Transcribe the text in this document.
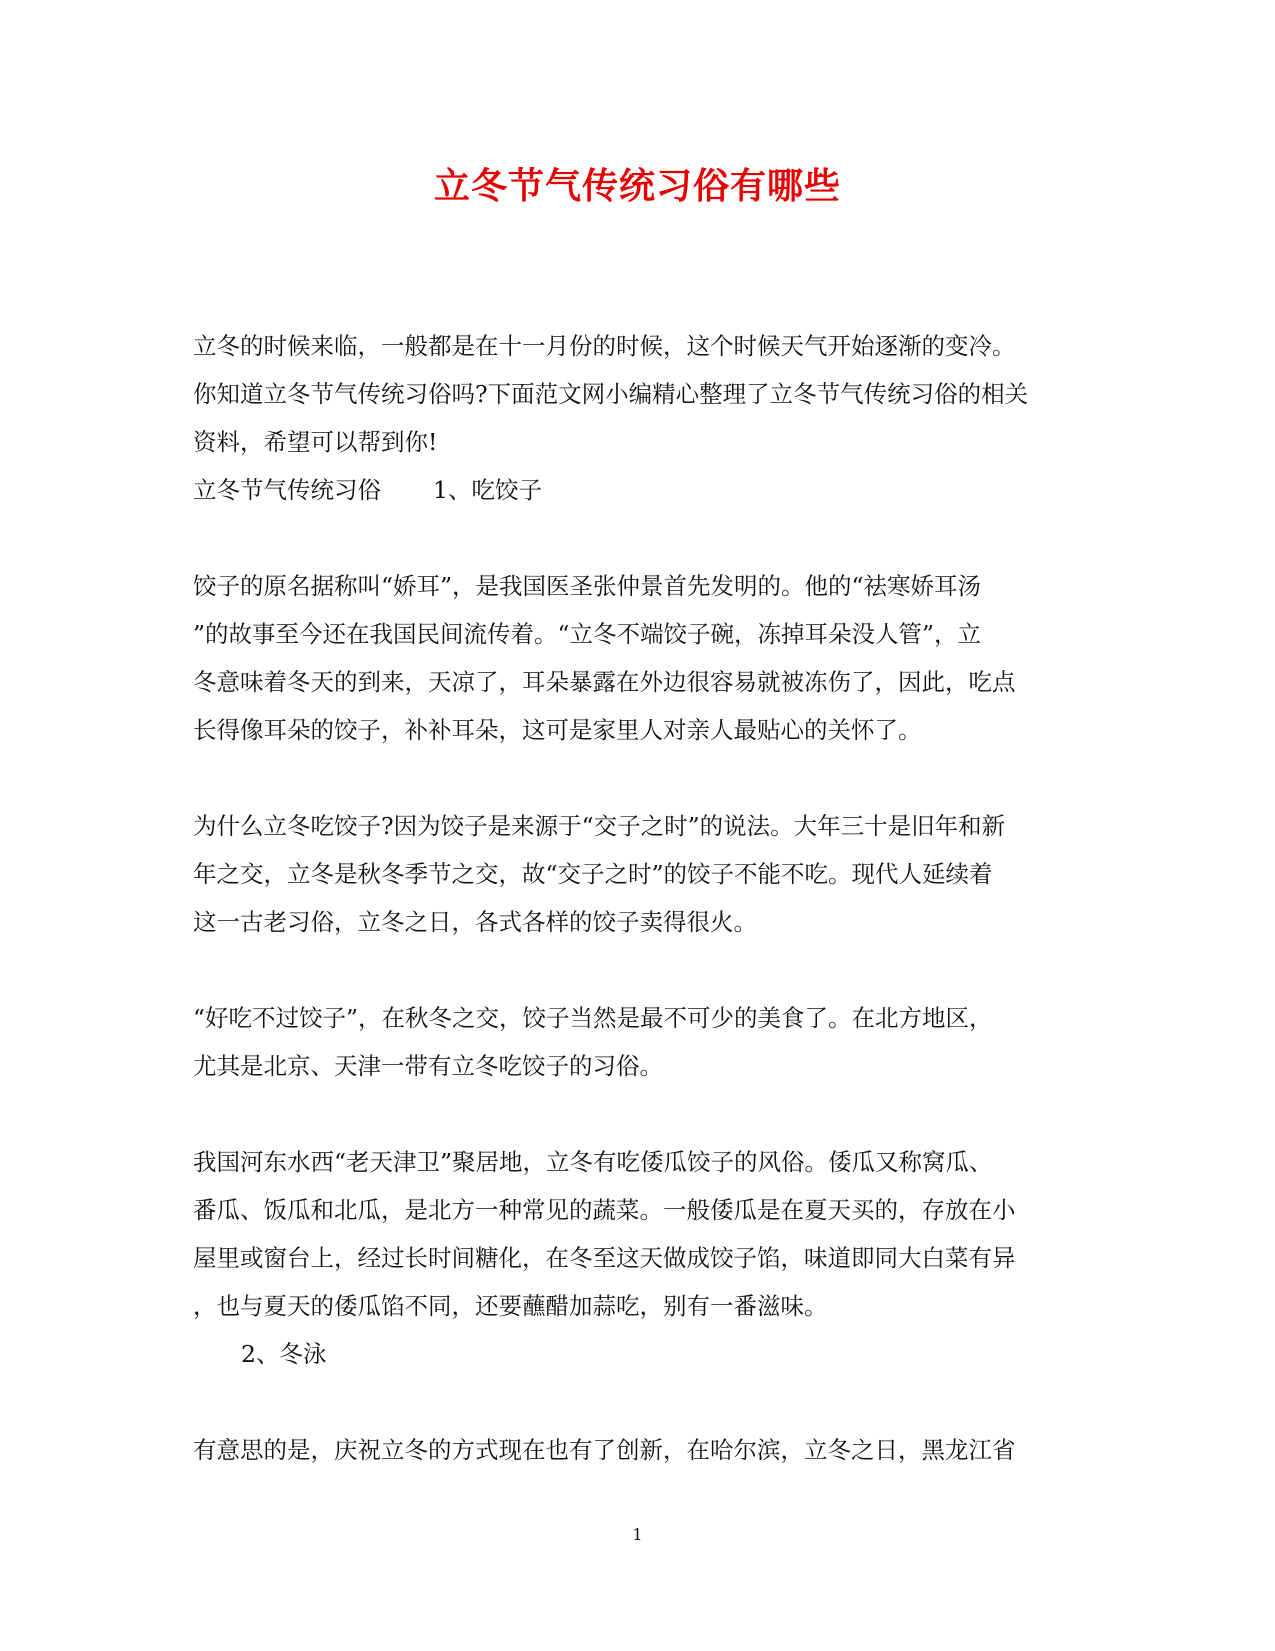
立冬节气传统习俗有哪些

立冬的时候来临，一般都是在十一月份的时候，这个时候天气开始逐渐的变冷。

你知道立冬节气传统习俗吗?下面范文网小编精心整理了立冬节气传统习俗的相关

资料，希望可以帮到你!

立冬节气传统习俗 1、吃饺子

饺子的原名据称叫“娇耳”，是我国医圣张仲景首先发明的。他的“祛寒娇耳汤

”的故事至今还在我国民间流传着。“立冬不端饺子碗，冻掉耳朵没人管”，立

冬意味着冬天的到来，天凉了，耳朵暴露在外边很容易就被冻伤了，因此，吃点

长得像耳朵的饺子，补补耳朵，这可是家里人对亲人最贴心的关怀了。

为什么立冬吃饺子?因为饺子是来源于“交子之时”的说法。大年三十是旧年和新

年之交，立冬是秋冬季节之交，故“交子之时”的饺子不能不吃。现代人延续着

这一古老习俗，立冬之日，各式各样的饺子卖得很火。

“好吃不过饺子”，在秋冬之交，饺子当然是最不可少的美食了。在北方地区，

尤其是北京、天津一带有立冬吃饺子的习俗。

我国河东水西“老天津卫”聚居地，立冬有吃倭瓜饺子的风俗。倭瓜又称窝瓜、

番瓜、饭瓜和北瓜，是北方一种常见的蔬菜。一般倭瓜是在夏天买的，存放在小

屋里或窗台上，经过长时间糖化，在冬至这天做成饺子馅，味道即同大白菜有异

，也与夏天的倭瓜馅不同，还要蘸醋加蒜吃，别有一番滋味。

2、冬泳

有意思的是，庆祝立冬的方式现在也有了创新，在哈尔滨，立冬之日，黑龙江省

1
